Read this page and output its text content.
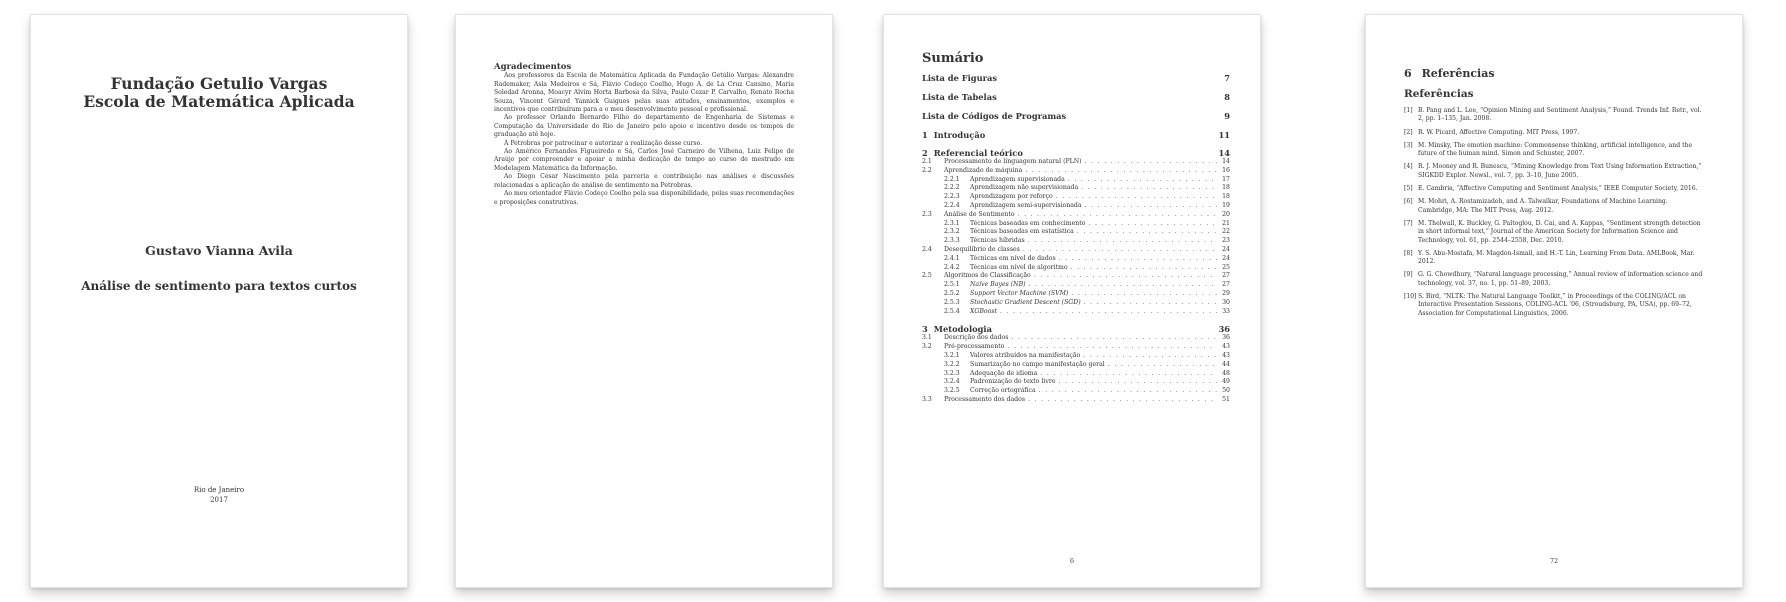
Fundação Getulio Vargas
Escola de Matemática Aplicada
Gustavo Vianna Avila
Análise de sentimento para textos curtos
Rio de Janeiro
2017
Agradecimentos

Aos professores da Escola de Matemática Aplicada da Fundação Getúlio Vargas: Alexandre Rademaker, Asla Medeiros e Sá, Flávio Codeço Coelho, Hugo A. de La Cruz Cansino, Maria Soledad Aronna, Moacyr Alvim Horta Barbosa da Silva, Paulo Cezar P. Carvalho, Renato Rocha Souza, Vincent Gérard Yannick Guigues pelas suas atitudes, ensinamentos, exemplos e incentivos que contribuíram para a o meu desenvolvimento pessoal e profissional.

Ao professor Orlando Bernardo Filho do departamento de Engenharia de Sistemas e Computação da Universidade do Rio de Janeiro pelo apoio e incentivo desde os tempos de graduação até hoje.

À Petrobras por patrocinar e autorizar a realização desse curso.

Ao Américo Fernandes Figueiredo e Sá, Carlos José Carneiro de Vilhena, Luiz Felipe de Araújo por compreender e apoiar a minha dedicação de tempo ao curso de mestrado em Modelagem Matemática da Informação.

Ao Diego César Nascimento pela parceria e contribuição nas análises e discussões relacionadas a aplicação de análise de sentimento na Petrobras.

Ao meu orientador Flávio Codeço Coelho pela sua disponibilidade, pelas suas recomendações e proposições construtivas.

Sumário
Lista de Figuras	7
Lista de Tabelas	8
Lista de Códigos de Programas	9
1 Introdução	11
2 Referencial teórico	14
2.1	Processamento de linguagem natural (PLN) . . .	14
2.2	Aprendizado de máquina . . .	16
2.2.1	Aprendizagem supervisionada . . .	17
2.2.2	Aprendizagem não supervisionada . . .	18
2.2.3	Aprendizagem por reforço . . .	18
2.2.4	Aprendizagem semi-supervisionada . . .	19
2.3	Análise de Sentimento . . .	20
2.3.1	Técnicas baseadas em conhecimento . . .	21
2.3.2	Técnicas baseadas em estatística . . .	22
2.3.3	Técnicas híbridas . . .	23
2.4	Desequilíbrio de classes . . .	24
2.4.1	Técnicas em nível de dados . . .	24
2.4.2	Técnicas em nível de algoritmo . . .	25
2.5	Algoritmos de Classificação . . .	27
2.5.1	Naïve Bayes (NB) . . .	27
2.5.2	Support Vector Machine (SVM) . . .	29
2.5.3	Stochastic Gradient Descent (SGD) . . .	30
2.5.4	XGBoost . . .	33
3 Metodologia	36
3.1	Descrição dos dados . . .	36
3.2	Pré-processamento . . .	43
3.2.1	Valores atribuídos na manifestação . . .	43
3.2.2	Sumarização no campo manifestação geral . . .	44
3.2.3	Adequação de idioma . . .	48
3.2.4	Padronização do texto livre . . .	49
3.2.5	Correção ortográfica . . .	50
3.3	Processamento dos dados . . .	51
6
6 Referências
Referências
[1] B. Pang and L. Lee, “Opinion Mining and Sentiment Analysis,” Found. Trends Inf. Retr., vol. 2, pp. 1–135, Jan. 2008.
[2] R. W. Picard, Affective Computing. MIT Press, 1997.
[3] M. Minsky, The emotion machine: Commonsense thinking, artificial intelligence, and the future of the human mind. Simon and Schuster, 2007.
[4] R. J. Mooney and R. Bunescu, “Mining Knowledge from Text Using Information Extraction,” SIGKDD Explor. Newsl., vol. 7, pp. 3–10, June 2005.
[5] E. Cambria, “Affective Computing and Sentiment Analysis,” IEEE Computer Society, 2016.
[6] M. Mohri, A. Rostamizadeh, and A. Talwalkar, Foundations of Machine Learning. Cambridge, MA: The MIT Press, Aug. 2012.
[7] M. Thelwall, K. Buckley, G. Paltoglou, D. Cai, and A. Kappas, “Sentiment strength detection in short informal text,” Journal of the American Society for Information Science and Technology, vol. 61, pp. 2544–2558, Dec. 2010.
[8] Y. S. Abu-Mostafa, M. Magdon-Ismail, and H.-T. Lin, Learning From Data. AMLBook, Mar. 2012.
[9] G. G. Chowdhury, “Natural language processing,” Annual review of information science and technology, vol. 37, no. 1, pp. 51–89, 2003.
[10] S. Bird, “NLTK: The Natural Language Toolkit,” in Proceedings of the COLING/ACL on Interactive Presentation Sessions, COLING-ACL ’06, (Stroudsburg, PA, USA), pp. 69–72, Association for Computational Linguistics, 2006.
72
